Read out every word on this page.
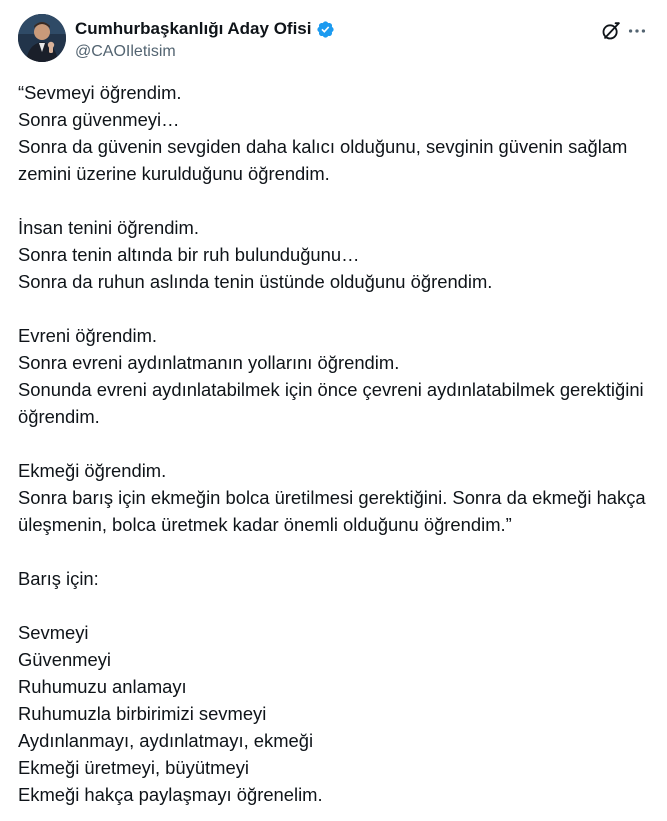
Cumhurbaşkanlığı Aday Ofisi
@CAOIletisim
“Sevmeyi öğrendim.
Sonra güvenmeyi…
Sonra da güvenin sevgiden daha kalıcı olduğunu, sevginin güvenin sağlam zemini üzerine kurulduğunu öğrendim.

İnsan tenini öğrendim.
Sonra tenin altında bir ruh bulunduğunu…
Sonra da ruhun aslında tenin üstünde olduğunu öğrendim.

Evreni öğrendim.
Sonra evreni aydınlatmanın yollarını öğrendim.
Sonunda evreni aydınlatabilmek için önce çevreni aydınlatabilmek gerektiğini öğrendim.

Ekmeği öğrendim.
Sonra barış için ekmeğin bolca üretilmesi gerektiğini. Sonra da ekmeği hakça üleşmenin, bolca üretmek kadar önemli olduğunu öğrendim.”

Barış için:

Sevmeyi
Güvenmeyi
Ruhumuzu anlamayı
Ruhumuzla birbirimizi sevmeyi
Aydınlanmayı, aydınlatmayı, ekmeği
Ekmeği üretmeyi, büyütmeyi
Ekmeği hakça paylaşmayı öğrenelim.
